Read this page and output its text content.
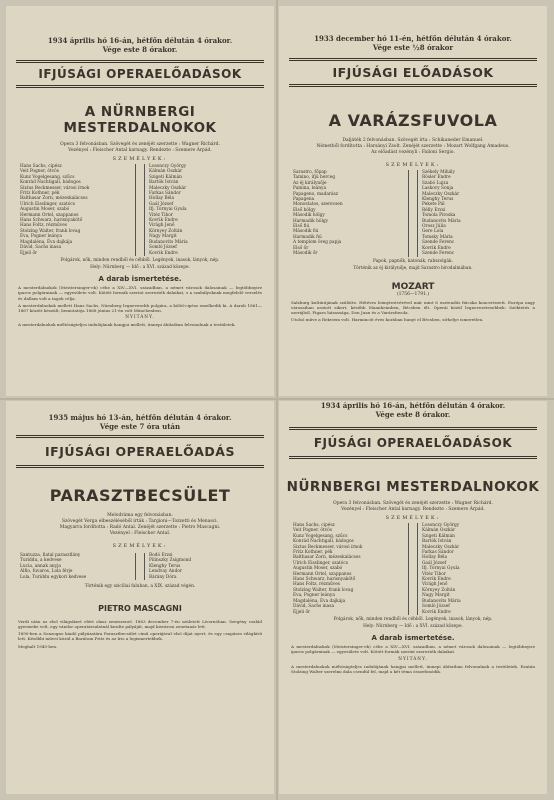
1934 április hó 16-án, hétfőn délután 4 órakor.
Vége este 8 órakor.
IFJÚSÁGI OPERAELŐADÁSOK
A NÜRNBERGI MESTERDALNOKOK
Opera 3 felvonásban. Szövegét és zenéjét szerzette : Wagner Richárd.
Vezényel : Fleischer Antal karnagy. Rendezte : Szemere Árpád.
SZEMÉLYEK:
Hans Sachs, cipész
Veit Pogner, ötvös
Kunz Vogelgesang, szűcs
Konrád Nachtigall, bádogos
Sixtus Beckmesser, városi írnok
Fritz Kothner, pék
Balthasar Zorn, mézeskalácsos
Ulrich Eisslinger, szatócs
Augustin Moser, szabó
Hermann Ortel, szappanos
Hans Schwarz, harisnyakötő
Hans Foltz, rézműves
Stolzing Walter, frank lovag
Éva, Pogner leánya
Magdaléna, Éva dajkája
Dávid, Sachs inasa
Éjjeli őr
Losonczy György
Kálmán Oszkár
Szigeti Kálmán
Bartók István
Maleczky Oszkár
Farkas Sándor
Hollay Béla
Gaál József
Ifj. Tornyai Gyula
Vitéz Tibor
Kovrik Endre
Virágh Jenő
Környey Zoltán
Nagy Margit
Budanovits Mária
Somló József
Kovrik Endre
Polgárok, nők, minden rendből és céhből. Legények, inasok, lányok, nép.
Hely: Nürnberg — Idő : a XVI. század közepe.
A darab ismertetése.
A mesterdalnokok (Meistersinger-ek) céhe a XIV—XVI. században, a német városok dalosainak — legtöbbnyire iparos polgárainak — egyesülete volt. Kötött formák szerint szerezték dalaikat, s a szabályoknak megfelelő verselés és dallam volt a tagok célja.
A mesterdalnokok mellett Hans Sachs, Nürnberg legnevesebb polgára, a költő-cipész emelkedik ki. A darab 1861—1867 között készült, bemutatója 1868 június 21-én volt Münchenben.
NYITÁNY.
A mesterdalnokok méltóságteljes indulójának hangjai mellett, ünnepi áhítatban felvonulnak a testületek.
1933 december hó 11-én, hétfőn délután 4 órakor.
Vége este ½8 órakor
IFJÚSÁGI ELŐADÁSOK
A VARÁZSFUVOLA
Daljáték 2 felvonásban. Szövegét írta : Schikaneder Emanuel.
Németből fordította : Harsányi Zsolt. Zenéjét szerzette : Mozart Wolfgang Amadeus.
Az előadást vezényli : Failoni Sergio.
SZEMÉLYEK:
Sarastro, főpap
Tamino, ifjú herceg
Az éj királynője
Pamina, leánya
Papageno, madarász
Papagena
Monostatos, szerecsen
Első hölgy
Második hölgy
Harmadik hölgy
Első fiú
Második fiú
Harmadik fiú
A templom öreg papja
Első őr
Második őr
Székely Mihály
Rösler Endre
Szabó Lujza
Laskovy Sonja
Maleczky Oszkár
Klenghy Terus
Pekete Pál
Rélly Erzsi
Tomola Piroska
Budanovits Mária
Orosz Júlia
Gere Lola
Tomsky Mária
Szende Ferenc
Kovrik Endre
Szende Ferenc
Papok, papnők, katonák, rabszolgák.
Történik az éj királynője, majd Sarastro birodalmában.
MOZART
(1756—1791.)
Salzburg kultúrájának szülötte. Hétéves leánytestvérével már mint 6 esztendős fiúcska koncertezett. Európa nagy városaiban aratott sikert, később Mannheimben, Bécsben élt. Operái közül legnevezetesebbek: Szöktetés a szerájból, Figaro házassága, Don Juan és a Varázsfuvola.
Utolsó műve a Rekviem volt. Harmincöt éves korában hunyt el Bécsben, sírhelye ismeretlen.
1935 május hó 13-án, hétfőn délután 4 órakor.
Vége este 7 óra után
IFJÚSÁGI OPERAELŐADÁS
PARASZTBECSÜLET
Melodráma egy felvonásban.
Szövegét Verga elbeszéléséből írták : Targioni—Tozzetti és Menasci.
Magyarra fordította : Radó Antal. Zenéjét szerzette : Pietro Mascagni.
Vezényel : Fleischer Antal.
SZEMÉLYEK:
Santuzza, fiatal parasztlány
Turiddu, a kedvese
Lucia, annak anyja
Alfio, fuvaros, Lola férje
Lola, Turiddu egykori kedvese
Bodó Erzsi
Pilinszky Zsigmond
Klenghy Terus
Lendvay Andor
Bárány Dóra
Történik egy szicíliai faluban, a XIX. század végén.
PIETRO MASCAGNI
Verdi után az első világsikert elért olasz zeneszerző. 1863 december 7-én született Livornóban. Szegény család gyermeke volt, egy vándor operatársulatnál kezdte pályáját, majd kisvárosi zenetanár lett.
1890-ben a Sonzogno kiadó pályázatára Parasztbecsület című operájával első díjat nyert, és egy csapásra világhírű lett. Későbbi művei közül a Barátom Fritz és az Iris a legismertebbek.
Meghalt 1945-ben.
1934 április hó 16-án, hétfőn délután 4 órakor.
Vége este 8 órakor.
FJÚSÁGI OPERAELŐADÁSOK
NÜRNBERGI MESTERDALNOKOK
Opera 3 felvonásban. Szövegét és zenéjét szerzette : Wagner Richárd.
Vezényel : Fleischer Antal karnagy. Rendezte : Szemere Árpád.
SZEMÉLYEK:
Hans Sachs, cipész
Veit Pogner, ötvös
Kunz Vogelgesang, szűcs
Konrád Nachtigall, bádogos
Sixtus Beckmesser, városi írnok
Fritz Kothner, pék
Balthasar Zorn, mézeskalácsos
Ulrich Eisslinger, szatócs
Augustin Moser, szabó
Hermann Ortel, szappanos
Hans Schwarz, harisnyakötő
Hans Foltz, rézműves
Stolzing Walter, frank lovag
Éva, Pogner leánya
Magdaléna, Éva dajkája
Dávid, Sachs inasa
Éjjeli őr
Losonczy György
Kálmán Oszkár
Szigeti Kálmán
Bartók István
Maleczky Oszkár
Farkas Sándor
Hollay Béla
Gaál József
Ifj. Tornyai Gyula
Vitéz Tibor
Kovrik Endre
Virágh Jenő
Környey Zoltán
Nagy Margit
Budanovits Mária
Somló József
Kovrik Endre
Polgárok, nők, minden rendből és céhből. Legények, inasok, lányok, nép.
Hely: Nürnberg — Idő : a XVI. század közepe.
A darab ismertetése.
A mesterdalnokok (Meistersinger-ek) céhe a XIV—XVI. században, a német városok dalosainak — legtöbbnyire iparos polgárainak — egyesülete volt. Kötött formák szerint szerezték dalaikat.
NYITÁNY.
A mesterdalnokok méltóságteljes indulójának hangjai mellett, ünnepi áhítatban felvonulnak a testületek. Ezután Stolzing Walter szerelmi dala csendül fel, majd a két téma összefonódik.
